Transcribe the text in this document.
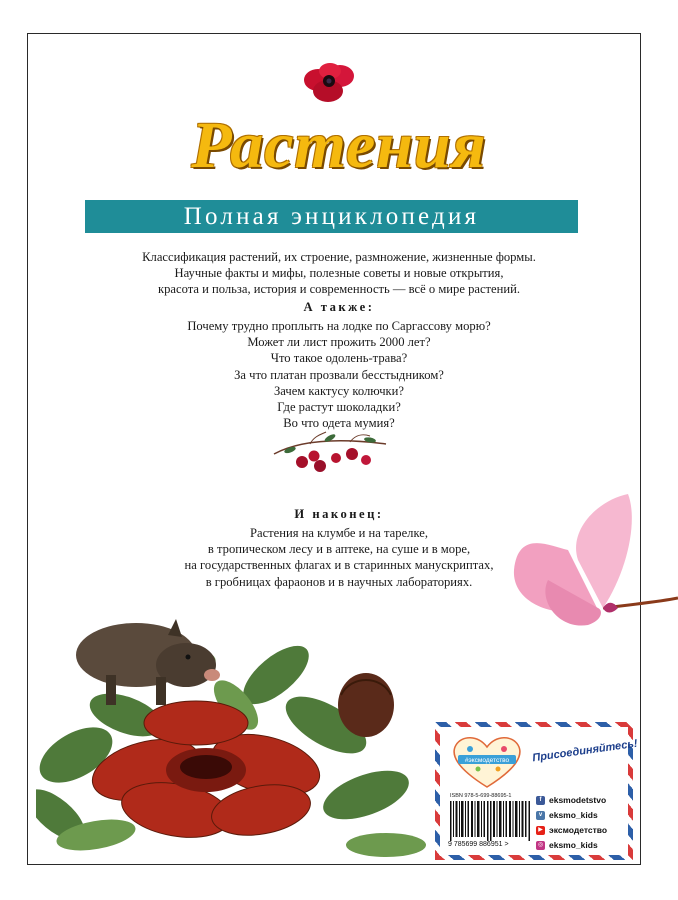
Растения
Полная энциклопедия
Классификация растений, их строение, размножение, жизненные формы.
Научные факты и мифы, полезные советы и новые открытия,
красота и польза, история и современность — всё о мире растений.
А также:
Почему трудно проплыть на лодке по Саргассову морю?
Может ли лист прожить 2000 лет?
Что такое одолень-трава?
За что платан прозвали бесстыдником?
Зачем кактусу колючки?
Где растут шоколадки?
Во что одета мумия?
И наконец:
Растения на клумбе и на тарелке,
в тропическом лесу и в аптеке, на суше и в море,
на государственных флагах и в старинных манускриптах,
в гробницах фараонов и в научных лабораториях.
#эксмодетство Присоединяйтесь!
ISBN 978-5-699-88695-1
9 785699 886951 >
f eksmodetstvo
v eksmo_kids
▶ эксмодетство
◎ eksmo_kids
